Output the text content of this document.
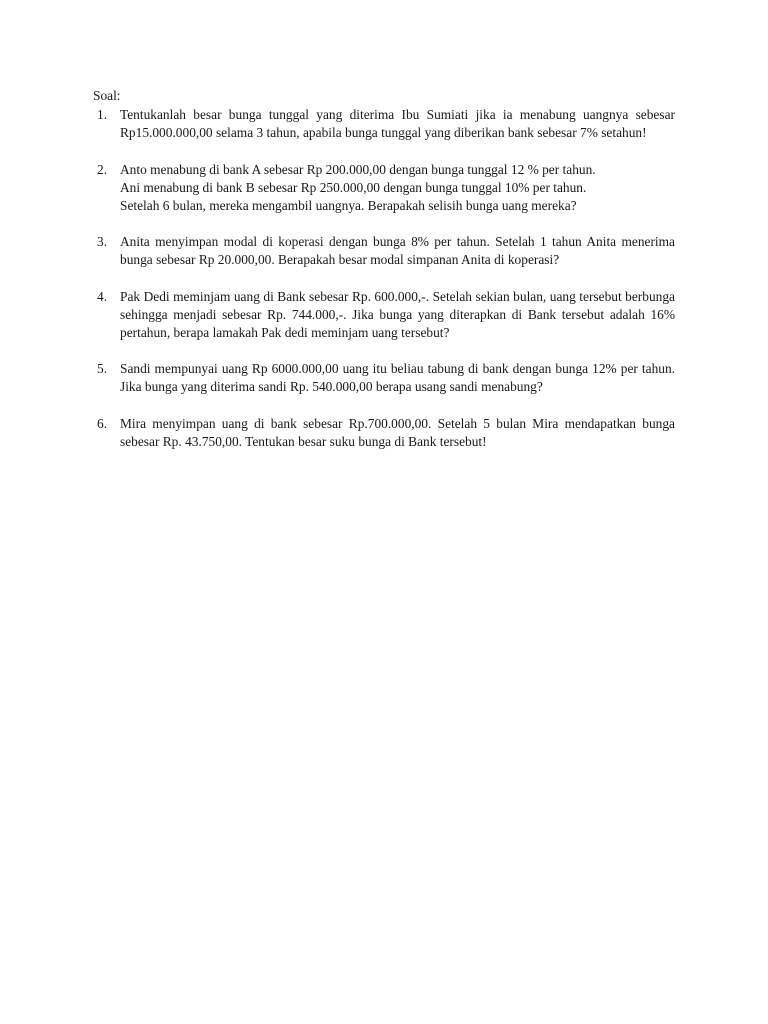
Soal:
1. Tentukanlah besar bunga tunggal yang diterima Ibu Sumiati jika ia menabung uangnya sebesar Rp15.000.000,00 selama 3 tahun, apabila bunga tunggal yang diberikan bank sebesar 7% setahun!
2. Anto menabung di bank A sebesar Rp 200.000,00 dengan bunga tunggal 12 % per tahun.
Ani menabung di bank B sebesar Rp 250.000,00 dengan bunga tunggal 10% per tahun.
Setelah 6 bulan, mereka mengambil uangnya. Berapakah selisih bunga uang mereka?
3. Anita menyimpan modal di koperasi dengan bunga 8% per tahun. Setelah 1 tahun Anita menerima bunga sebesar Rp 20.000,00. Berapakah besar modal simpanan Anita di koperasi?
4. Pak Dedi meminjam uang di Bank sebesar Rp. 600.000,-. Setelah sekian bulan, uang tersebut berbunga sehingga menjadi sebesar Rp. 744.000,-. Jika bunga yang diterapkan di Bank tersebut adalah 16% pertahun, berapa lamakah Pak dedi meminjam uang tersebut?
5. Sandi mempunyai uang Rp 6000.000,00 uang itu beliau tabung di bank dengan bunga 12% per tahun. Jika bunga yang diterima sandi Rp. 540.000,00 berapa usang sandi menabung?
6. Mira menyimpan uang di bank sebesar Rp.700.000,00. Setelah 5 bulan Mira mendapatkan bunga sebesar Rp. 43.750,00. Tentukan besar suku bunga di Bank tersebut!
